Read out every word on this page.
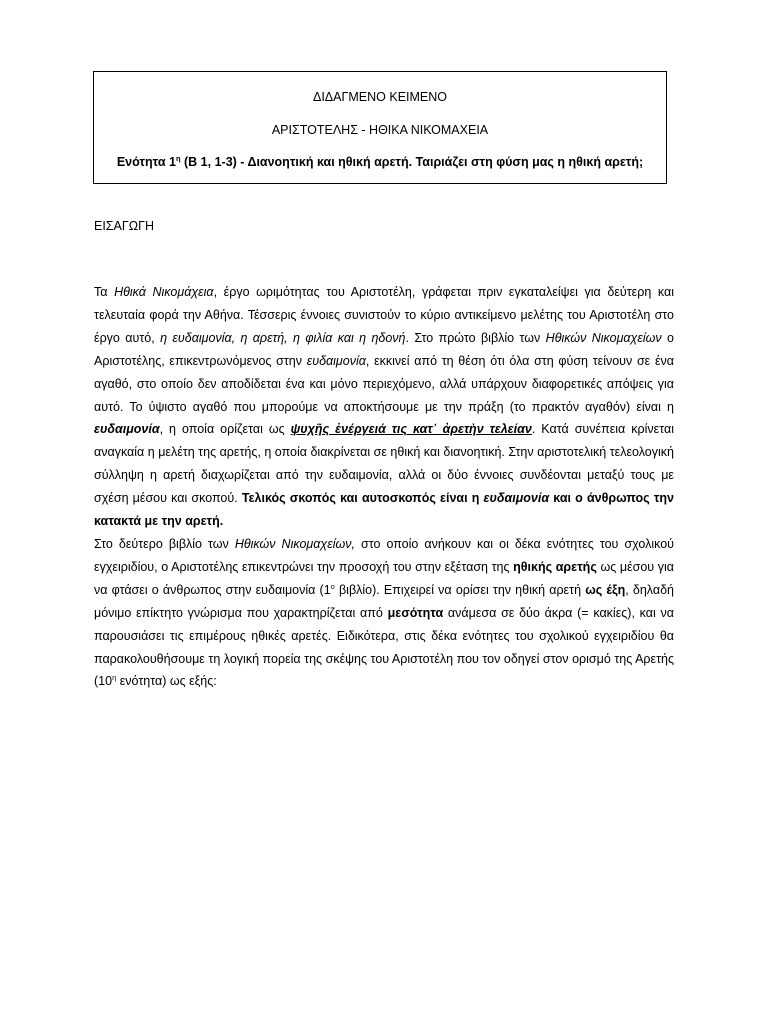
ΔΙΔΑΓΜΕΝΟ ΚΕΙΜΕΝΟ
ΑΡΙΣΤΟΤΕΛΗΣ - ΗΘΙΚΑ ΝΙΚΟΜΑΧΕΙΑ
Ενότητα $1^\eta$ (Β 1, 1-3) - Διανοητική και ηθική αρετή. Ταιριάζει στη φύση μας η ηθική αρετή;
ΕΙΣΑΓΩΓΗ

Τα Ηθικά Νικομάχεια, έργο ωριμότητας του Αριστοτέλη, γράφεται πριν εγκαταλείψει για δεύτερη και τελευταία φορά την Αθήνα. Τέσσερις έννοιες συνιστούν το κύριο αντικείμενο μελέτης του Αριστοτέλη στο έργο αυτό, η ευδαιμονία, η αρετή, η φιλία και η ηδονή. Στο πρώτο βιβλίο των Ηθικών Νικομαχείων ο Αριστοτέλης, επικεντρωνόμενος στην ευδαιμονία, εκκινεί από τη θέση ότι όλα στη φύση τείνουν σε ένα αγαθό, στο οποίο δεν αποδίδεται ένα και μόνο περιεχόμενο, αλλά υπάρχουν διαφορετικές απόψεις για αυτό. Το ύψιστο αγαθό που μπορούμε να αποκτήσουμε με την πράξη (το πρακτόν αγαθόν) είναι η ευδαιμονία, η οποία ορίζεται ως ψυχῆς ἐνέργειά τις κατ᾽ ἀρετὴν τελείαν. Κατά συνέπεια κρίνεται αναγκαία η μελέτη της αρετής, η οποία διακρίνεται σε ηθική και διανοητική. Στην αριστοτελική τελεολογική σύλληψη η αρετή διαχωρίζεται από την ευδαιμονία, αλλά οι δύο έννοιες συνδέονται μεταξύ τους με σχέση μέσου και σκοπού. Τελικός σκοπός και αυτοσκοπός είναι η ευδαιμονία και ο άνθρωπος την κατακτά με την αρετή.

Στο δεύτερο βιβλίο των Ηθικών Νικομαχείων, στο οποίο ανήκουν και οι δέκα ενότητες του σχολικού εγχειριδίου, ο Αριστοτέλης επικεντρώνει την προσοχή του στην εξέταση της ηθικής αρετής ως μέσου για να φτάσει ο άνθρωπος στην ευδαιμονία ($1^o$ βιβλίο). Επιχειρεί να ορίσει την ηθική αρετή ως έξη, δηλαδή μόνιμο επίκτητο γνώρισμα που χαρακτηρίζεται από μεσότητα ανάμεσα σε δύο άκρα (= κακίες), και να παρουσιάσει τις επιμέρους ηθικές αρετές. Ειδικότερα, στις δέκα ενότητες του σχολικού εγχειριδίου θα παρακολουθήσουμε τη λογική πορεία της σκέψης του Αριστοτέλη που τον οδηγεί στον ορισμό της Αρετής ($10^\eta$ ενότητα) ως εξής:
